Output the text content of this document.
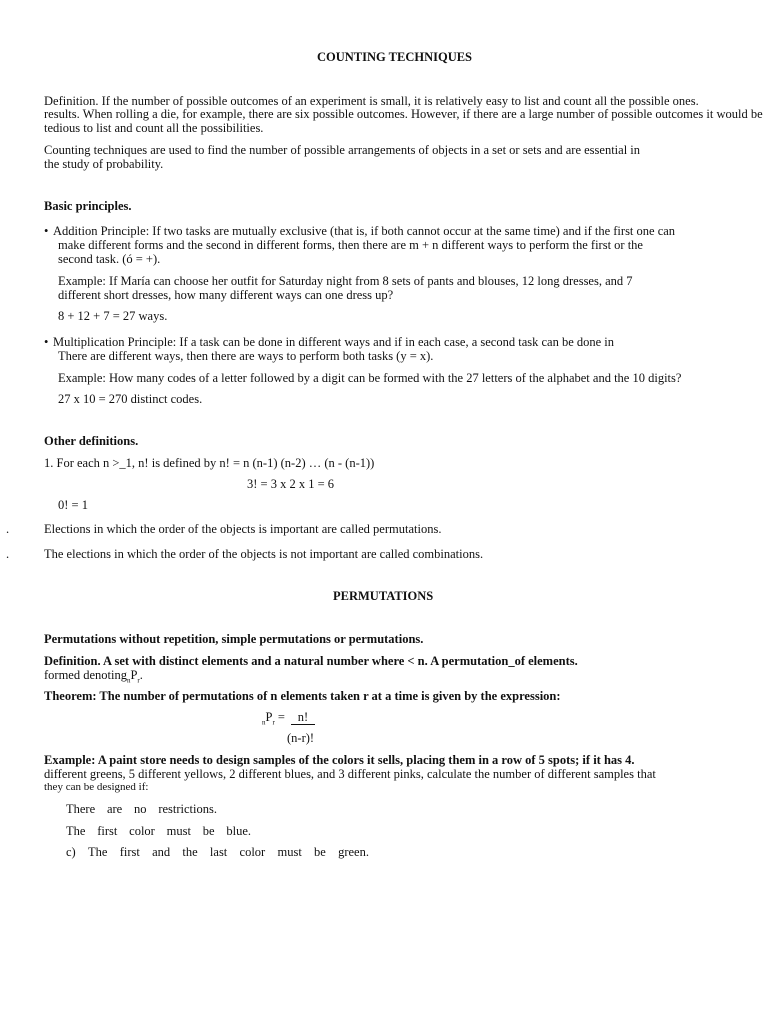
COUNTING TECHNIQUES
Definition. If the number of possible outcomes of an experiment is small, it is relatively easy to list and count all the possible ones.
results. When rolling a die, for example, there are six possible outcomes. However, if there are a large number of possible outcomes it would be
tedious to list and count all the possibilities.
Counting techniques are used to find the number of possible arrangements of objects in a set or sets and are essential in
the study of probability.
Basic principles.
• Addition Principle: If two tasks are mutually exclusive (that is, if both cannot occur at the same time) and if the first one can
make different forms and the second in different forms, then there are m + n different ways to perform the first or the
second task. (ó = +).
Example: If María can choose her outfit for Saturday night from 8 sets of pants and blouses, 12 long dresses, and 7
different short dresses, how many different ways can one dress up?
8 + 12 + 7 = 27 ways.
• Multiplication Principle: If a task can be done in different ways and if in each case, a second task can be done in
There are different ways, then there are ways to perform both tasks (y = x).
Example: How many codes of a letter followed by a digit can be formed with the 27 letters of the alphabet and the 10 digits?
27 x 10 = 270 distinct codes.
Other definitions.
1. For each n >_1, n! is defined by n! = n (n-1) (n-2) … (n - (n-1))
3! = 3 x 2 x 1 = 6
0! = 1
.	Elections in which the order of the objects is important are called permutations.
.	The elections in which the order of the objects is not important are called combinations.
PERMUTATIONS
Permutations without repetition, simple permutations or permutations.
Definition. A set with distinct elements and a natural number where < n. A permutation_of elements.
formed $denoting_nP_r$.
Theorem: The number of permutations of n elements taken r at a time is given by the expression:
$_nP_r = n$!
(n-r)!
Example: A paint store needs to design samples of the colors it sells, placing them in a row of 5 spots; if it has 4.
different greens, 5 different yellows, 2 different blues, and 3 different pinks, calculate the number of different samples that
they can be designed if:
There are no restrictions.
The first color must be blue.
c) The first and the last color must be green.
